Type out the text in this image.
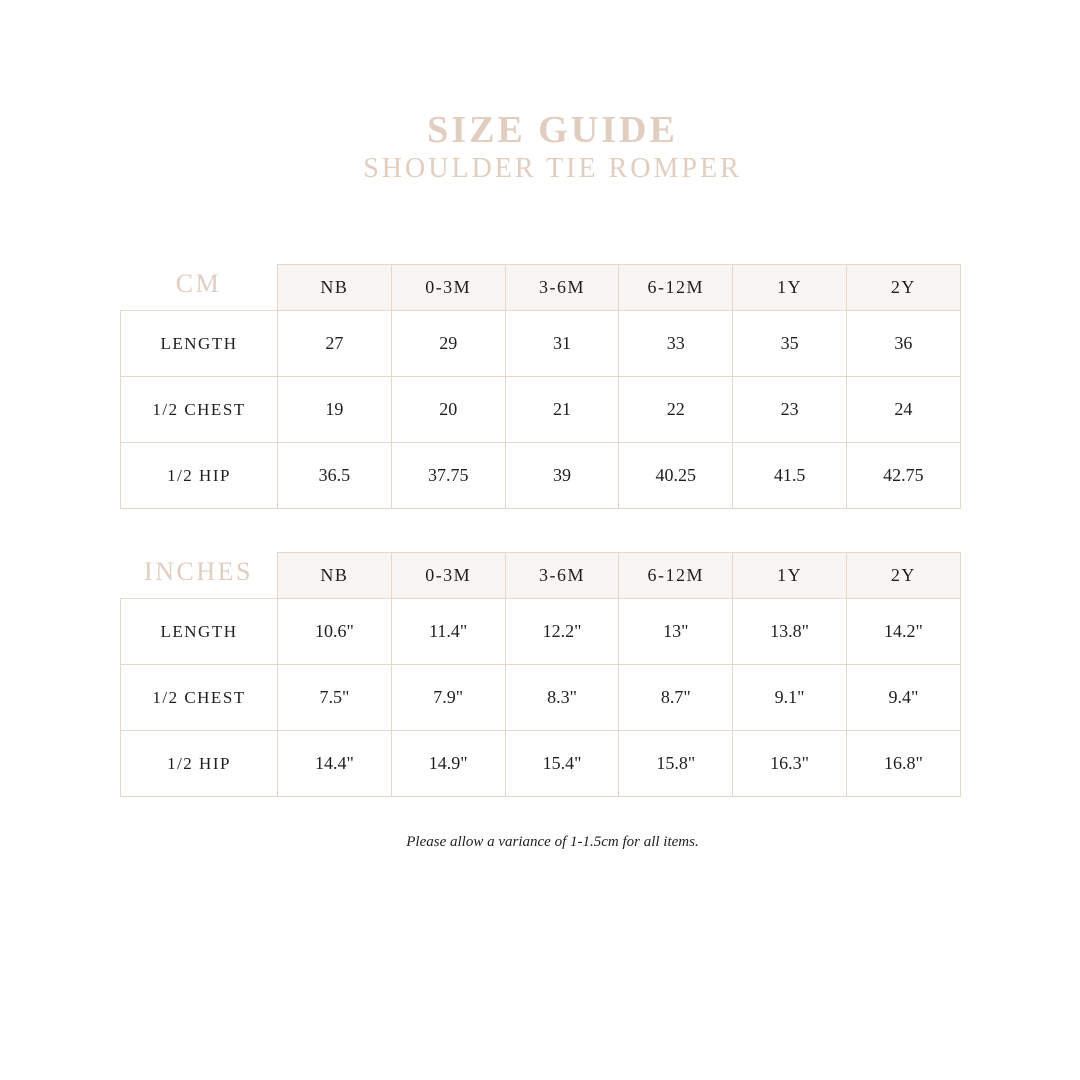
SIZE GUIDE
SHOULDER TIE ROMPER
	NB	0-3M	3-6M	6-12M	1Y	2Y
LENGTH	27	29	31	33	35	36
1/2 CHEST	19	20	21	22	23	24
1/2 HIP	36.5	37.75	39	40.25	41.5	42.75
CM
	NB	0-3M	3-6M	6-12M	1Y	2Y
LENGTH	10.6"	11.4"	12.2"	13"	13.8"	14.2"
1/2 CHEST	7.5"	7.9"	8.3"	8.7"	9.1"	9.4"
1/2 HIP	14.4"	14.9"	15.4"	15.8"	16.3"	16.8"
INCHES
Please allow a variance of 1-1.5cm for all items.
